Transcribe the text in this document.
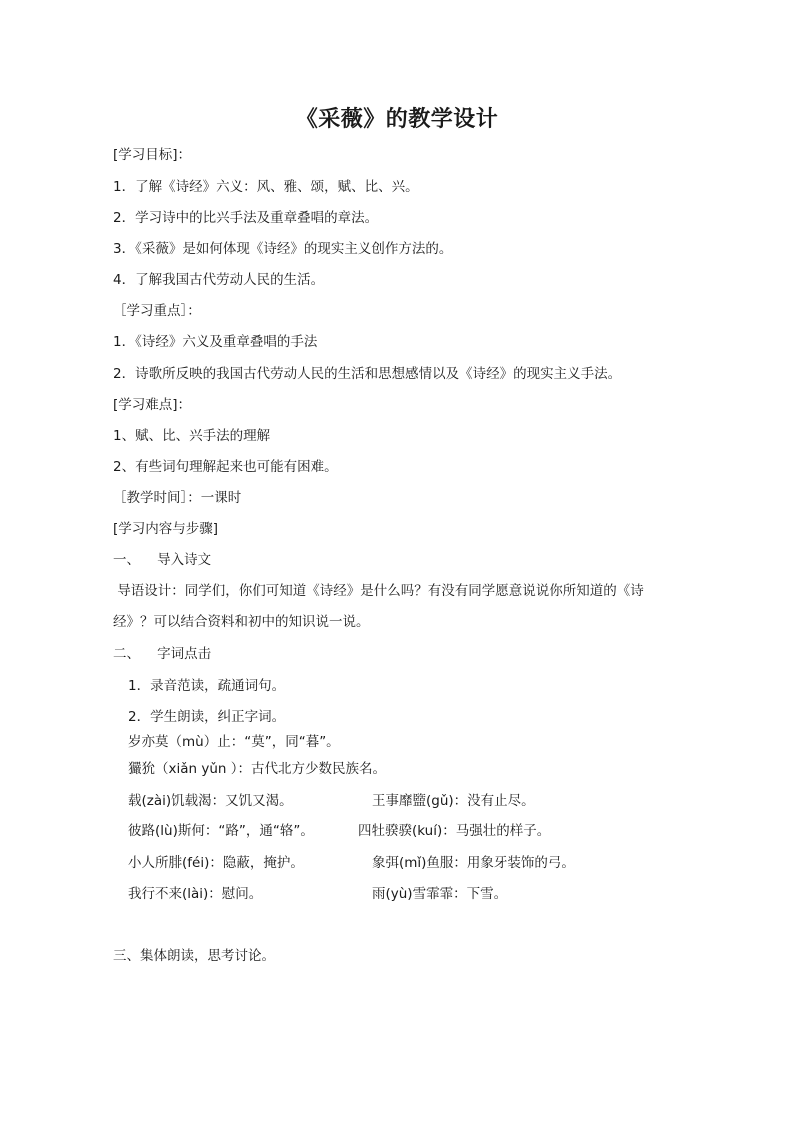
《采薇》的教学设计
[学习目标]：
1．了解《诗经》六义：风、雅、颂，赋、比、兴。
2．学习诗中的比兴手法及重章叠唱的章法。
3．《采薇》是如何体现《诗经》的现实主义创作方法的。
4．了解我国古代劳动人民的生活。
［学习重点］：
1．《诗经》六义及重章叠唱的手法
2．诗歌所反映的我国古代劳动人民的生活和思想感情以及《诗经》的现实主义手法。
[学习难点]：
1、赋、比、兴手法的理解
2、有些词句理解起来也可能有困难。
［教学时间］：一课时
[学习内容与步骤]
一、    导入诗文
导语设计：同学们，你们可知道《诗经》是什么吗？有没有同学愿意说说你所知道的《诗
经》？可以结合资料和初中的知识说一说。
二、    字词点击
1．录音范读，疏通词句。
2．学生朗读，纠正字词。
岁亦莫（mù）止：“莫”，同“暮”。
玁狁（xiǎn yǔn ）：古代北方少数民族名。
载(zài)饥载渴：又饥又渴。	王事靡盬(gǔ)：没有止尽。
彼路(lù)斯何：“路”，通“辂”。	四牡骙骙(kuí)：马强壮的样子。
小人所腓(féi)：隐蔽，掩护。	象弭(mǐ)鱼服：用象牙装饰的弓。
我行不来(lài)：慰问。	雨(yù)雪霏霏：下雪。
三、集体朗读，思考讨论。
